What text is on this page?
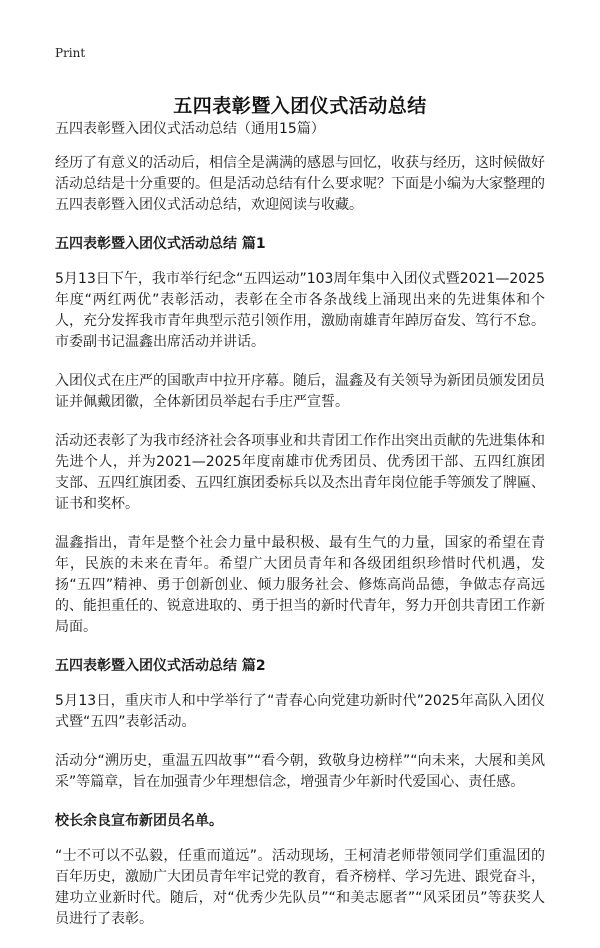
Print
五四表彰暨入团仪式活动总结
五四表彰暨入团仪式活动总结（通用15篇）
经历了有意义的活动后，相信全是满满的感恩与回忆，收获与经历，这时候做好活动总结是十分重要的。但是活动总结有什么要求呢？下面是小编为大家整理的五四表彰暨入团仪式活动总结，欢迎阅读与收藏。
五四表彰暨入团仪式活动总结 篇1
5月13日下午，我市举行纪念“五四运动”103周年集中入团仪式暨2021—2025年度“两红两优”表彰活动，表彰在全市各条战线上涌现出来的先进集体和个人，充分发挥我市青年典型示范引领作用，激励南雄青年踔厉奋发、笃行不怠。市委副书记温鑫出席活动并讲话。
入团仪式在庄严的国歌声中拉开序幕。随后，温鑫及有关领导为新团员颁发团员证并佩戴团徽，全体新团员举起右手庄严宣誓。
活动还表彰了为我市经济社会各项事业和共青团工作作出突出贡献的先进集体和先进个人，并为2021—2025年度南雄市优秀团员、优秀团干部、五四红旗团支部、五四红旗团委、五四红旗团委标兵以及杰出青年岗位能手等颁发了牌匾、证书和奖杯。
温鑫指出，青年是整个社会力量中最积极、最有生气的力量，国家的希望在青年，民族的未来在青年。希望广大团员青年和各级团组织珍惜时代机遇，发扬“五四”精神、勇于创新创业、倾力服务社会、修炼高尚品德，争做志存高远的、能担重任的、锐意进取的、勇于担当的新时代青年，努力开创共青团工作新局面。
五四表彰暨入团仪式活动总结 篇2
5月13日，重庆市人和中学举行了“青春心向党建功新时代”2025年高队入团仪式暨“五四”表彰活动。
活动分“溯历史，重温五四故事”“看今朝，致敬身边榜样”“向未来，大展和美风采”等篇章，旨在加强青少年理想信念，增强青少年新时代爱国心、责任感。
校长余良宣布新团员名单。
“士不可以不弘毅，任重而道远”。活动现场，王柯清老师带领同学们重温团的百年历史，激励广大团员青年牢记党的教育，看齐榜样、学习先进、跟党奋斗，建功立业新时代。随后，对“优秀少先队员”“和美志愿者”“风采团员”等获奖人员进行了表彰。
